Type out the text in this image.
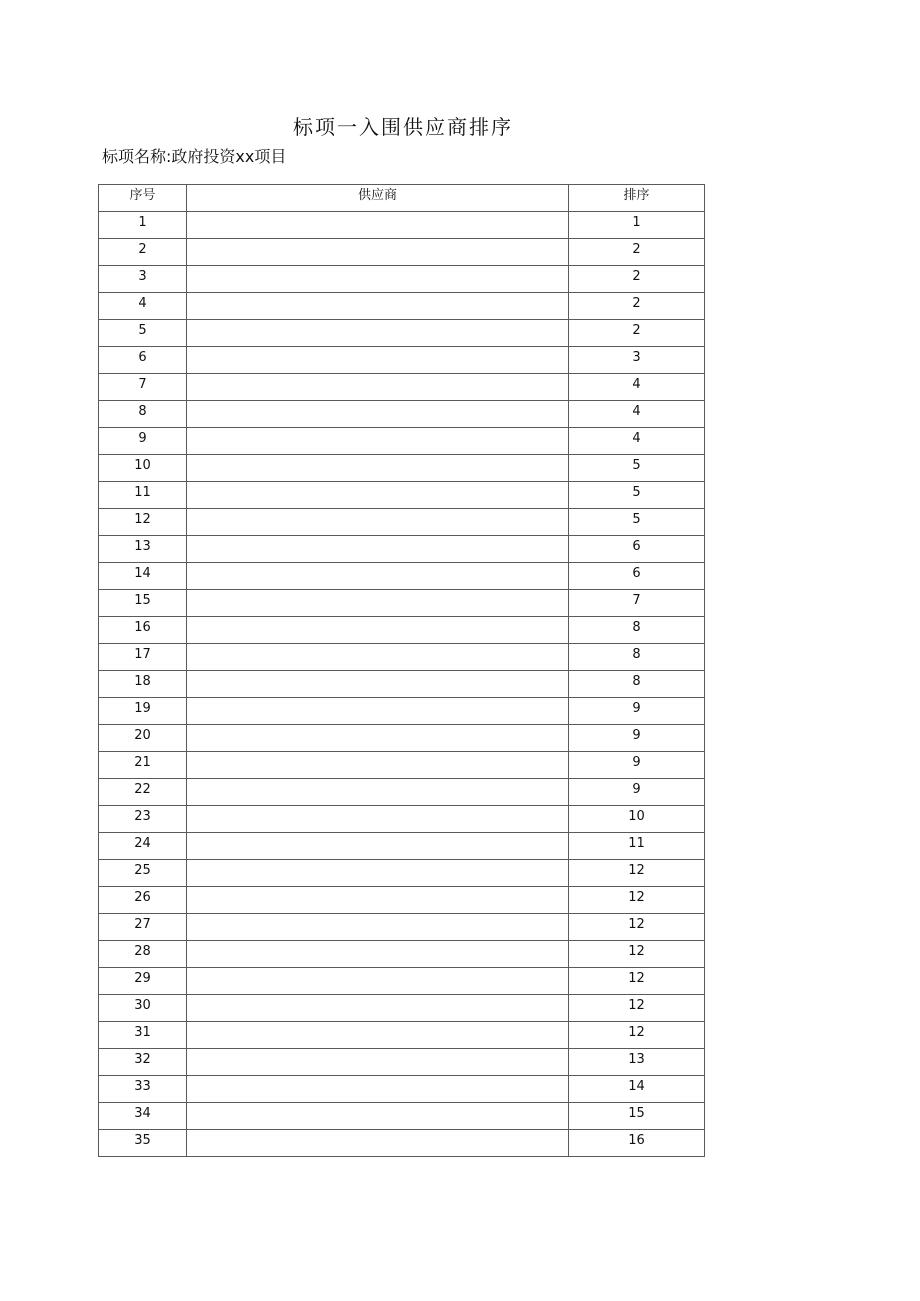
标项一入围供应商排序
标项名称:政府投资xx项目
序号	供应商	排序
1		1
2		2
3		2
4		2
5		2
6		3
7		4
8		4
9		4
10		5
11		5
12		5
13		6
14		6
15		7
16		8
17		8
18		8
19		9
20		9
21		9
22		9
23		10
24		11
25		12
26		12
27		12
28		12
29		12
30		12
31		12
32		13
33		14
34		15
35		16
